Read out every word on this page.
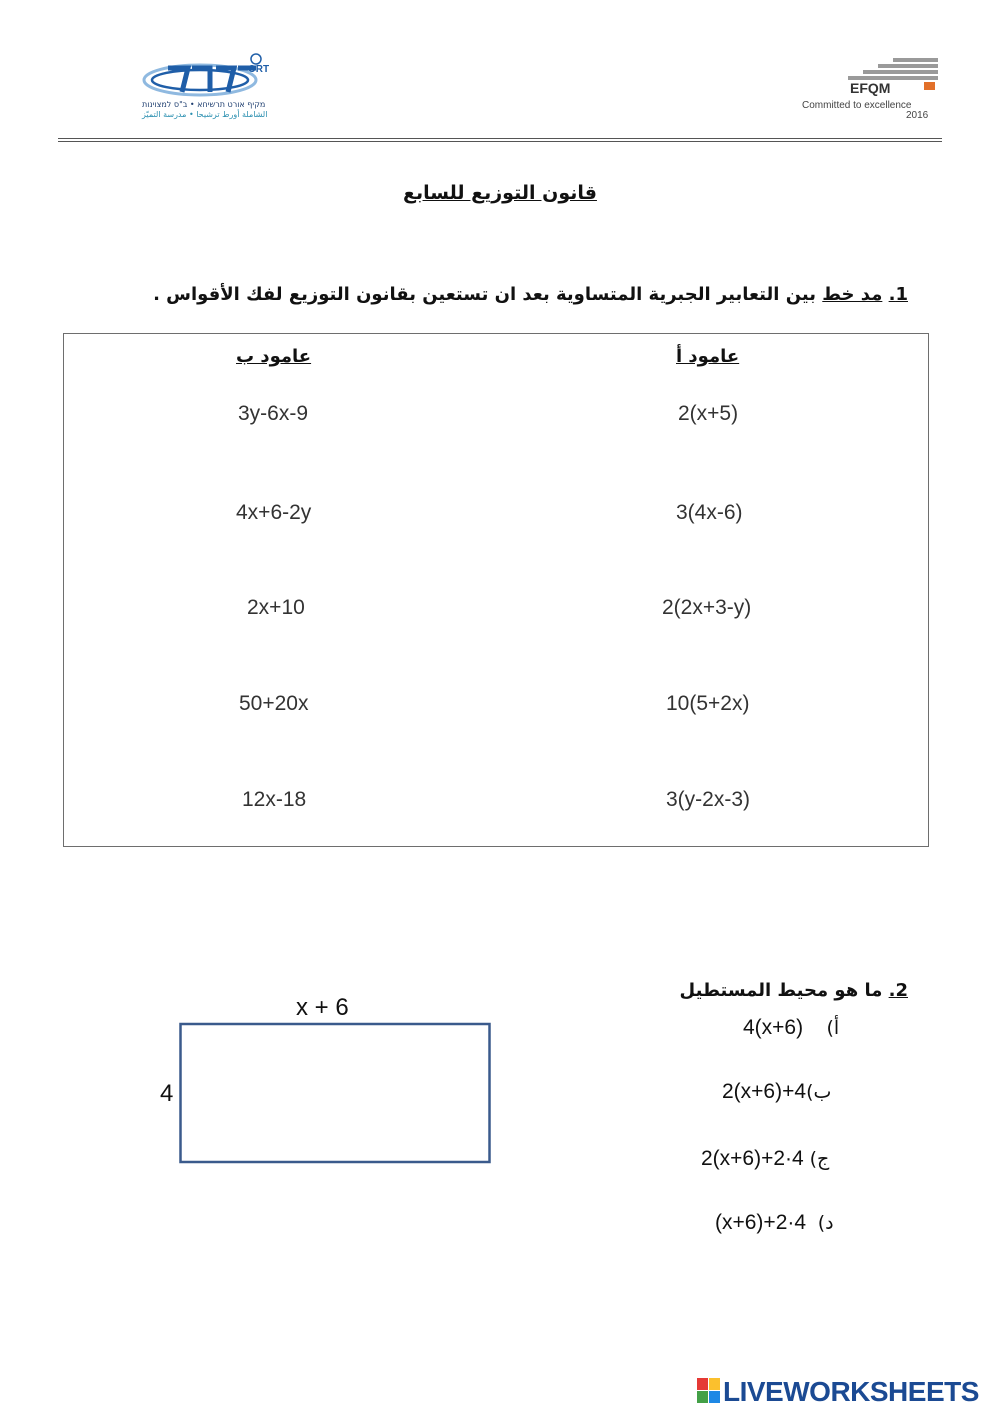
ORT
מקיף אורט תרשיחא • ב"ס למצוינות
الشاملة أورط ترشيحا • مدرسة التميّز
EFQM
Committed to excellence
2016
قانون التوزيع للسابع
1. مد خط بين التعابير الجبرية المتساوية بعد ان تستعين بقانون التوزيع لفك الأقواس .
عامود أ
عامود ب
2(x+5)
3(4x-6)
2(2x+3-y)
10(5+2x)
3(y-2x-3)
3y-6x-9
4x+6-2y
2x+10
50+20x
12x-18
2. ما هو محيط المستطيل
x + 6
4
4(x+6) أ)
2(x+6)+4ب)
2(x+6)+2·4 ج)
(x+6)+2·4 د)
LIVEWORKSHEETS
